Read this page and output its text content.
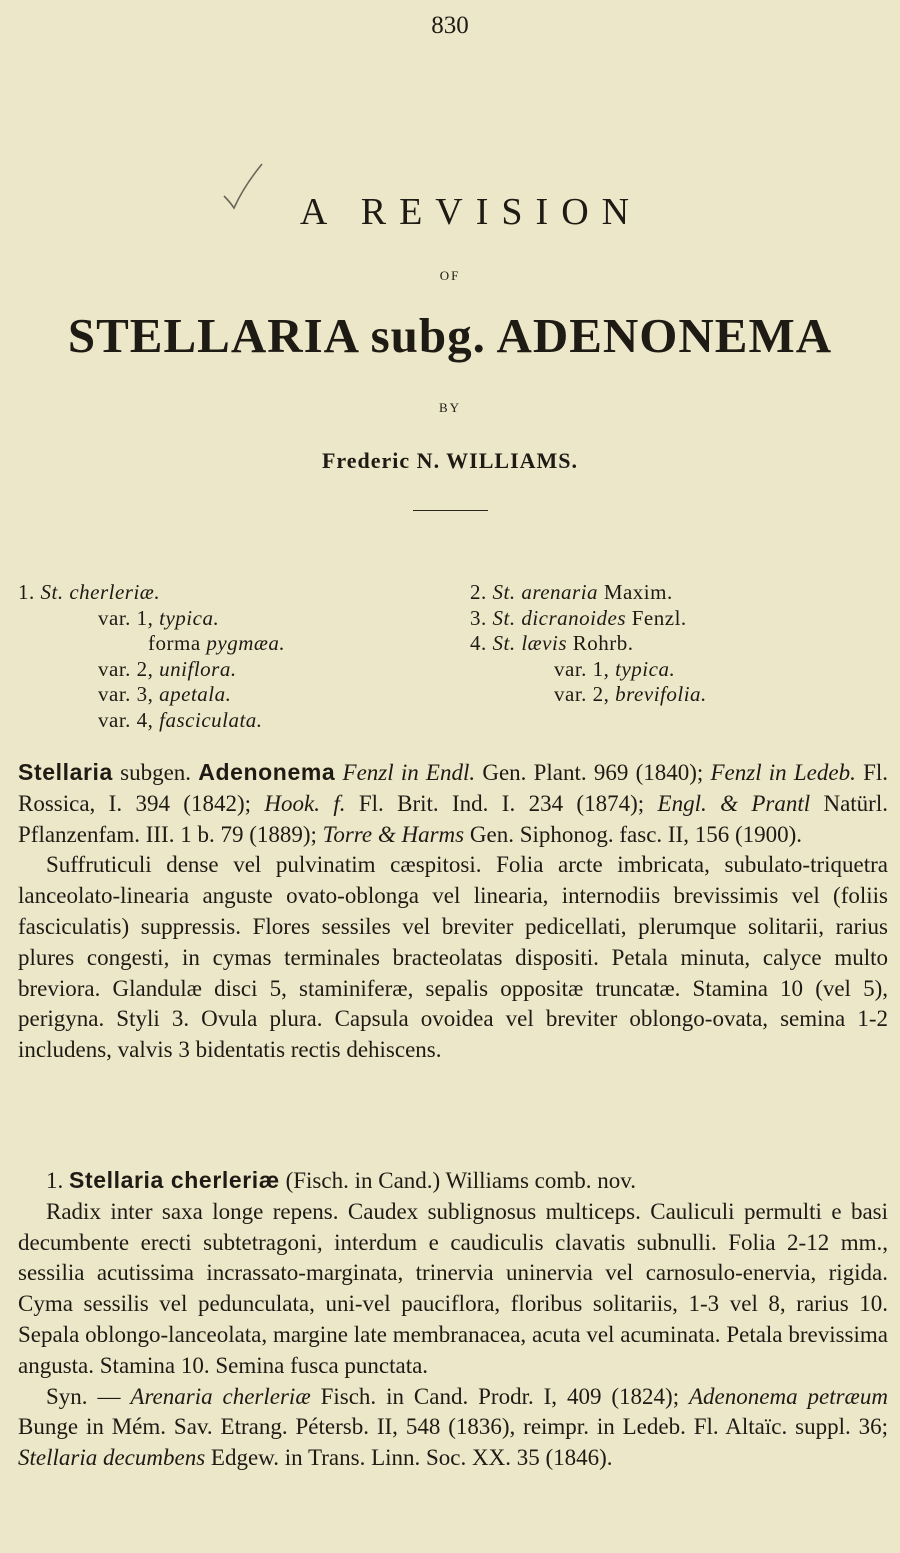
830
A REVISION
OF
STELLARIA subg. ADENONEMA
BY
Frederic N. WILLIAMS.
1. St. cherleriæ.
var. 1, typica.
forma pygmæa.
var. 2, uniflora.
var. 3, apetala.
var. 4, fasciculata.
2. St. arenaria Maxim.
3. St. dicranoides Fenzl.
4. St. lævis Rohrb.
var. 1, typica.
var. 2, brevifolia.

Stellaria subgen. Adenonema Fenzl in Endl. Gen. Plant. 969 (1840); Fenzl in Ledeb. Fl. Rossica, I. 394 (1842); Hook. f. Fl. Brit. Ind. I. 234 (1874); Engl. & Prantl Natürl. Pflanzenfam. III. 1 b. 79 (1889); Torre & Harms Gen. Siphonog. fasc. II, 156 (1900).

Suffruticuli dense vel pulvinatim cæspitosi. Folia arcte imbricata, subulato-triquetra lanceolato-linearia anguste ovato-oblonga vel linearia, internodiis brevissimis vel (foliis fasciculatis) suppressis. Flores sessiles vel breviter pedicellati, plerumque solitarii, rarius plures congesti, in cymas terminales bracteolatas dispositi. Petala minuta, calyce multo breviora. Glandulæ disci 5, staminiferæ, sepalis oppositæ truncatæ. Stamina 10 (vel 5), perigyna. Styli 3. Ovula plura. Capsula ovoidea vel breviter oblongo-ovata, semina 1-2 includens, valvis 3 bidentatis rectis dehiscens.

1. Stellaria cherleriæ (Fisch. in Cand.) Williams comb. nov.

Radix inter saxa longe repens. Caudex sublignosus multiceps. Cauliculi permulti e basi decumbente erecti subtetragoni, interdum e caudiculis clavatis subnulli. Folia 2-12 mm., sessilia acutissima incrassato-marginata, trinervia uninervia vel carnosulo-enervia, rigida. Cyma sessilis vel pedunculata, uni-vel pauciflora, floribus solitariis, 1-3 vel 8, rarius 10. Sepala oblongo-lanceolata, margine late membranacea, acuta vel acuminata. Petala brevissima angusta. Stamina 10. Semina fusca punctata.

Syn. — Arenaria cherleriæ Fisch. in Cand. Prodr. I, 409 (1824); Adenonema petræum Bunge in Mém. Sav. Etrang. Pétersb. II, 548 (1836), reimpr. in Ledeb. Fl. Altaïc. suppl. 36; Stellaria decumbens Edgew. in Trans. Linn. Soc. XX. 35 (1846).
